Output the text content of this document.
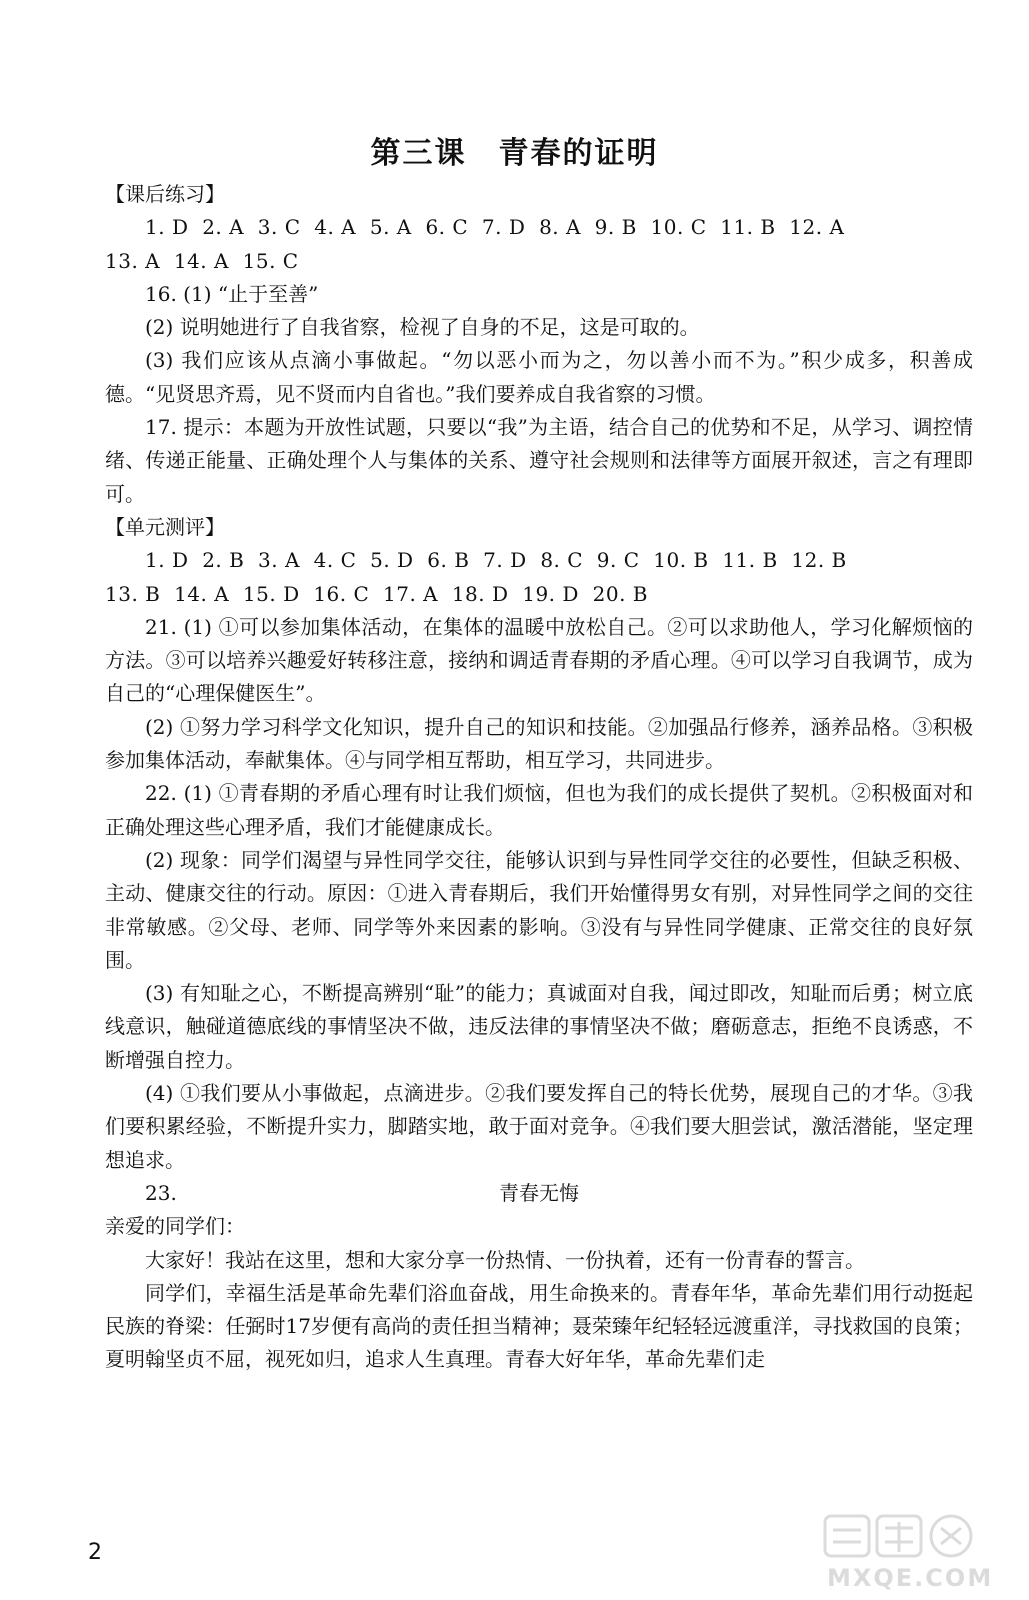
第三课　青春的证明

【课后练习】

1. D  2. A  3. C  4. A  5. A  6. C  7. D  8. A  9. B  10. C  11. B  12. A

13. A  14. A  15. C

16. (1) “止于至善”

(2) 说明她进行了自我省察，检视了自身的不足，这是可取的。

(3) 我们应该从点滴小事做起。“勿以恶小而为之，勿以善小而不为。”积少成多，积善成德。“见贤思齐焉，见不贤而内自省也。”我们要养成自我省察的习惯。

17. 提示：本题为开放性试题，只要以“我”为主语，结合自己的优势和不足，从学习、调控情绪、传递正能量、正确处理个人与集体的关系、遵守社会规则和法律等方面展开叙述，言之有理即可。

【单元测评】

1. D  2. B  3. A  4. C  5. D  6. B  7. D  8. C  9. C  10. B  11. B  12. B

13. B  14. A  15. D  16. C  17. A  18. D  19. D  20. B

21. (1) ①可以参加集体活动，在集体的温暖中放松自己。②可以求助他人，学习化解烦恼的方法。③可以培养兴趣爱好转移注意，接纳和调适青春期的矛盾心理。④可以学习自我调节，成为自己的“心理保健医生”。

(2) ①努力学习科学文化知识，提升自己的知识和技能。②加强品行修养，涵养品格。③积极参加集体活动，奉献集体。④与同学相互帮助，相互学习，共同进步。

22. (1) ①青春期的矛盾心理有时让我们烦恼，但也为我们的成长提供了契机。②积极面对和正确处理这些心理矛盾，我们才能健康成长。

(2) 现象：同学们渴望与异性同学交往，能够认识到与异性同学交往的必要性，但缺乏积极、主动、健康交往的行动。原因：①进入青春期后，我们开始懂得男女有别，对异性同学之间的交往非常敏感。②父母、老师、同学等外来因素的影响。③没有与异性同学健康、正常交往的良好氛围。

(3) 有知耻之心，不断提高辨别“耻”的能力；真诚面对自我，闻过即改，知耻而后勇；树立底线意识，触碰道德底线的事情坚决不做，违反法律的事情坚决不做；磨砺意志，拒绝不良诱惑，不断增强自控力。

(4) ①我们要从小事做起，点滴进步。②我们要发挥自己的特长优势，展现自己的才华。③我们要积累经验，不断提升实力，脚踏实地，敢于面对竞争。④我们要大胆尝试，激活潜能，坚定理想追求。

23.	青春无悔

亲爱的同学们：

大家好！我站在这里，想和大家分享一份热情、一份执着，还有一份青春的誓言。

同学们，幸福生活是革命先辈们浴血奋战，用生命换来的。青春年华，革命先辈们用行动挺起民族的脊梁：任弼时17岁便有高尚的责任担当精神；聂荣臻年纪轻轻远渡重洋，寻找救国的良策；夏明翰坚贞不屈，视死如归，追求人生真理。青春大好年华，革命先辈们走

2
MXQE.COM
